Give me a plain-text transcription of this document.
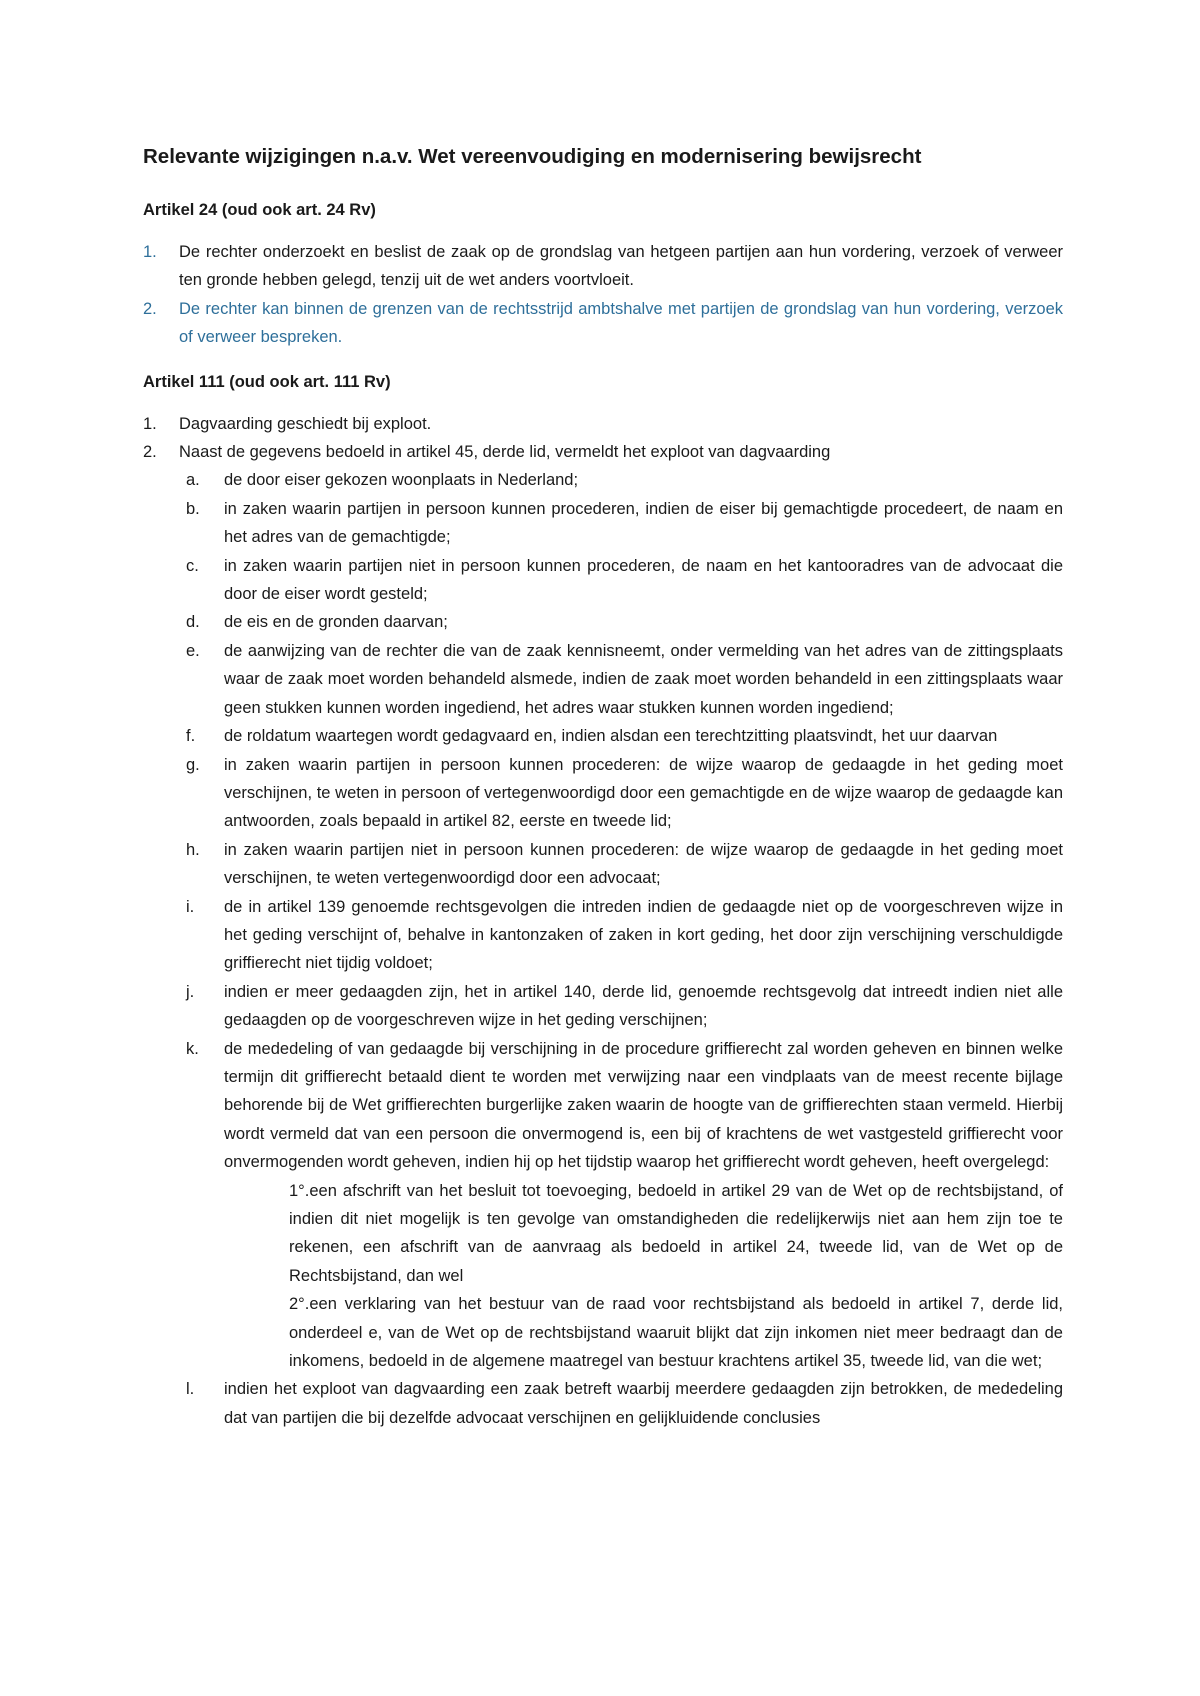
Relevante wijzigingen n.a.v. Wet vereenvoudiging en modernisering bewijsrecht
Artikel 24 (oud ook art. 24 Rv)
1. De rechter onderzoekt en beslist de zaak op de grondslag van hetgeen partijen aan hun vordering, verzoek of verweer ten gronde hebben gelegd, tenzij uit de wet anders voortvloeit.
2. De rechter kan binnen de grenzen van de rechtsstrijd ambtshalve met partijen de grondslag van hun vordering, verzoek of verweer bespreken.
Artikel 111 (oud ook art. 111 Rv)
1. Dagvaarding geschiedt bij exploot.
2. Naast de gegevens bedoeld in artikel 45, derde lid, vermeldt het exploot van dagvaarding
a. de door eiser gekozen woonplaats in Nederland;
b. in zaken waarin partijen in persoon kunnen procederen, indien de eiser bij gemachtigde procedeert, de naam en het adres van de gemachtigde;
c. in zaken waarin partijen niet in persoon kunnen procederen, de naam en het kantooradres van de advocaat die door de eiser wordt gesteld;
d. de eis en de gronden daarvan;
e. de aanwijzing van de rechter die van de zaak kennisneemt, onder vermelding van het adres van de zittingsplaats waar de zaak moet worden behandeld alsmede, indien de zaak moet worden behandeld in een zittingsplaats waar geen stukken kunnen worden ingediend, het adres waar stukken kunnen worden ingediend;
f. de roldatum waartegen wordt gedagvaard en, indien alsdan een terechtzitting plaatsvindt, het uur daarvan
g. in zaken waarin partijen in persoon kunnen procederen: de wijze waarop de gedaagde in het geding moet verschijnen, te weten in persoon of vertegenwoordigd door een gemachtigde en de wijze waarop de gedaagde kan antwoorden, zoals bepaald in artikel 82, eerste en tweede lid;
h. in zaken waarin partijen niet in persoon kunnen procederen: de wijze waarop de gedaagde in het geding moet verschijnen, te weten vertegenwoordigd door een advocaat;
i. de in artikel 139 genoemde rechtsgevolgen die intreden indien de gedaagde niet op de voorgeschreven wijze in het geding verschijnt of, behalve in kantonzaken of zaken in kort geding, het door zijn verschijning verschuldigde griffierecht niet tijdig voldoet;
j. indien er meer gedaagden zijn, het in artikel 140, derde lid, genoemde rechtsgevolg dat intreedt indien niet alle gedaagden op de voorgeschreven wijze in het geding verschijnen;
k. de mededeling of van gedaagde bij verschijning in de procedure griffierecht zal worden geheven en binnen welke termijn dit griffierecht betaald dient te worden met verwijzing naar een vindplaats van de meest recente bijlage behorende bij de Wet griffierechten burgerlijke zaken waarin de hoogte van de griffierechten staan vermeld. Hierbij wordt vermeld dat van een persoon die onvermogend is, een bij of krachtens de wet vastgesteld griffierecht voor onvermogenden wordt geheven, indien hij op het tijdstip waarop het griffierecht wordt geheven, heeft overgelegd:
1°.een afschrift van het besluit tot toevoeging, bedoeld in artikel 29 van de Wet op de rechtsbijstand, of indien dit niet mogelijk is ten gevolge van omstandigheden die redelijkerwijs niet aan hem zijn toe te rekenen, een afschrift van de aanvraag als bedoeld in artikel 24, tweede lid, van de Wet op de Rechtsbijstand, dan wel
2°.een verklaring van het bestuur van de raad voor rechtsbijstand als bedoeld in artikel 7, derde lid, onderdeel e, van de Wet op de rechtsbijstand waaruit blijkt dat zijn inkomen niet meer bedraagt dan de inkomens, bedoeld in de algemene maatregel van bestuur krachtens artikel 35, tweede lid, van die wet;
l. indien het exploot van dagvaarding een zaak betreft waarbij meerdere gedaagden zijn betrokken, de mededeling dat van partijen die bij dezelfde advocaat verschijnen en gelijkluidende conclusies
